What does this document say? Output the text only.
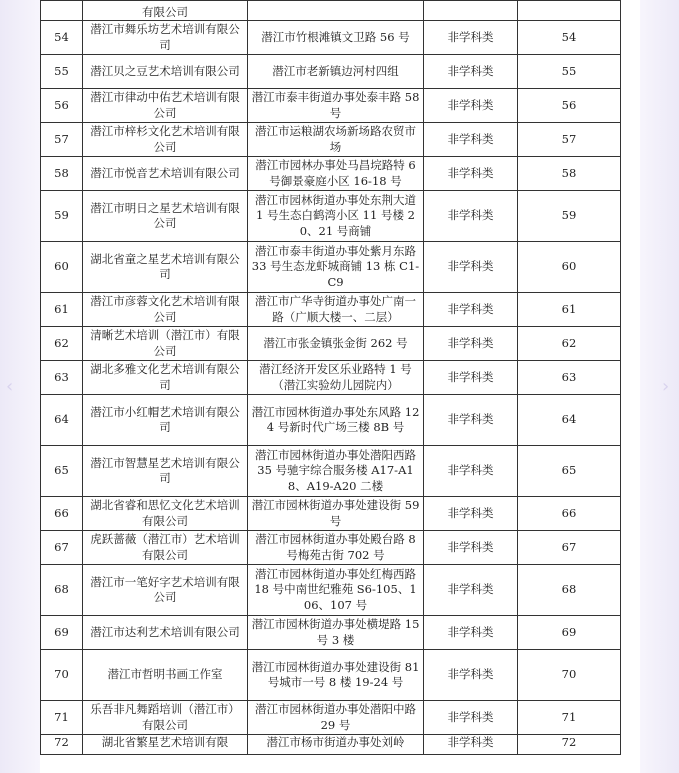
‹	›
	有限公司			
54	潜江市舞乐坊艺术培训有限公司	潜江市竹根滩镇文卫路 56 号	非学科类	54
55	潜江贝之豆艺术培训有限公司	潜江市老新镇边河村四组	非学科类	55
56	潜江市律动中佑艺术培训有限公司	潜江市泰丰街道办事处泰丰路 58 号	非学科类	56
57	潜江市梓杉文化艺术培训有限公司	潜江市运粮湖农场新场路农贸市场	非学科类	57
58	潜江市悦音艺术培训有限公司	潜江市园林办事处马昌垸路特 6 号御景豪庭小区 16-18 号	非学科类	58
59	潜江市明日之星艺术培训有限公司	潜江市园林街道办事处东荆大道 1 号生态白鹤湾小区 11 号楼 20、21 号商铺	非学科类	59
60	湖北省童之星艺术培训有限公司	潜江市泰丰街道办事处紫月东路 33 号生态龙虾城商铺 13 栋 C1-C9	非学科类	60
61	潜江市彦蓉文化艺术培训有限公司	潜江市广华寺街道办事处广南一路（广顺大楼一、二层）	非学科类	61
62	清晰艺术培训（潜江市）有限公司	潜江市张金镇张金街 262 号	非学科类	62
63	湖北多雅文化艺术培训有限公司	潜江经济开发区乐业路特 1 号（潜江实验幼儿园院内）	非学科类	63
64	潜江市小红帽艺术培训有限公司	潜江市园林街道办事处东风路 124 号新时代广场三楼 8B 号	非学科类	64
65	潜江市智慧星艺术培训有限公司	潜江市园林街道办事处潜阳西路 35 号驰宇综合服务楼 A17-A18、A19-A20 二楼	非学科类	65
66	湖北省睿和思忆文化艺术培训有限公司	潜江市园林街道办事处建设街 59 号	非学科类	66
67	虎跃蔷薇（潜江市）艺术培训有限公司	潜江市园林街道办事处殿台路 8 号梅苑古街 702 号	非学科类	67
68	潜江市一笔好字艺术培训有限公司	潜江市园林街道办事处红梅西路 18 号中南世纪雅苑 S6-105、106、107 号	非学科类	68
69	潜江市达利艺术培训有限公司	潜江市园林街道办事处横堤路 15 号 3 楼	非学科类	69
70	潜江市哲明书画工作室	潜江市园林街道办事处建设街 81 号城市一号 8 楼 19-24 号	非学科类	70
71	乐吾非凡舞蹈培训（潜江市）有限公司	潜江市园林街道办事处潜阳中路 29 号	非学科类	71
72	湖北省繁星艺术培训有限	潜江市杨市街道办事处刘岭	非学科类	72
